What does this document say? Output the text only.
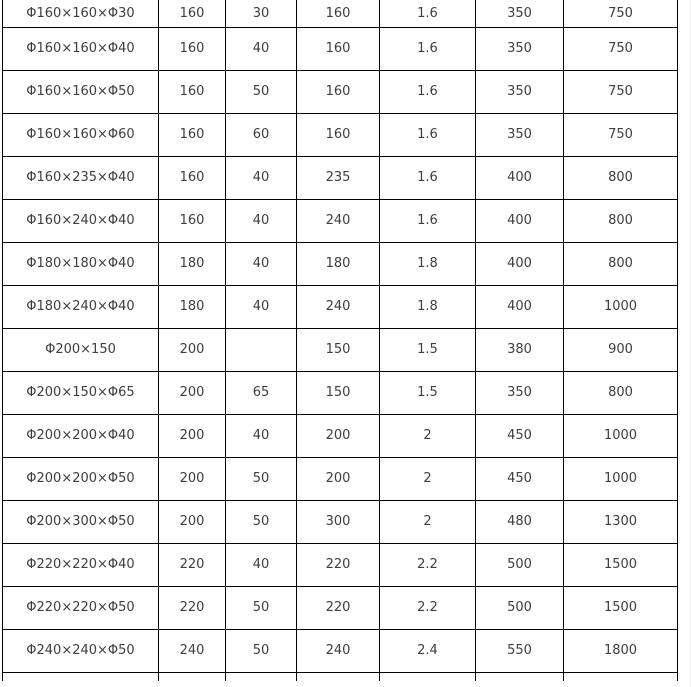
Φ160×160×Φ30	160	30	160	1.6	350	750
Φ160×160×Φ40	160	40	160	1.6	350	750
Φ160×160×Φ50	160	50	160	1.6	350	750
Φ160×160×Φ60	160	60	160	1.6	350	750
Φ160×235×Φ40	160	40	235	1.6	400	800
Φ160×240×Φ40	160	40	240	1.6	400	800
Φ180×180×Φ40	180	40	180	1.8	400	800
Φ180×240×Φ40	180	40	240	1.8	400	1000
Φ200×150	200		150	1.5	380	900
Φ200×150×Φ65	200	65	150	1.5	350	800
Φ200×200×Φ40	200	40	200	2	450	1000
Φ200×200×Φ50	200	50	200	2	450	1000
Φ200×300×Φ50	200	50	300	2	480	1300
Φ220×220×Φ40	220	40	220	2.2	500	1500
Φ220×220×Φ50	220	50	220	2.2	500	1500
Φ240×240×Φ50	240	50	240	2.4	550	1800
